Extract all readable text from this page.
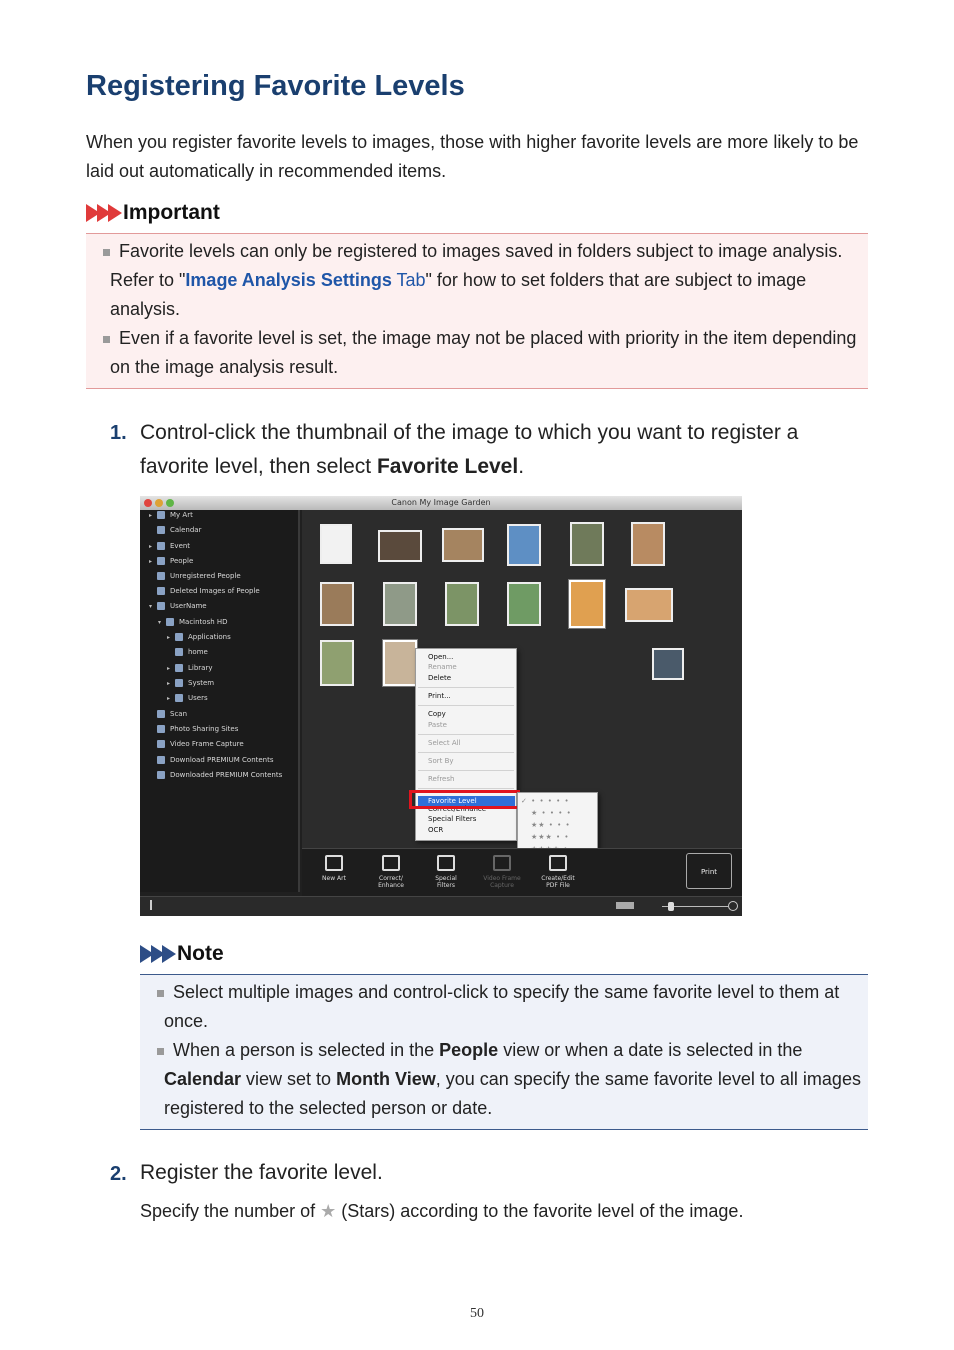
Registering Favorite Levels
When you register favorite levels to images, those with higher favorite levels are more likely to be laid out automatically in recommended items.
Important
Favorite levels can only be registered to images saved in folders subject to image analysis. Refer to "Image Analysis Settings Tab" for how to set folders that are subject to image analysis.
Even if a favorite level is set, the image may not be placed with priority in the item depending on the image analysis result.
1. Control-click the thumbnail of the image to which you want to register a favorite level, then select Favorite Level.
Canon My Image Garden
▸	My Art
Calendar
▸	Event
▸	People
Unregistered People
Deleted Images of People
▾	UserName
▾	Macintosh HD
▸	Applications
home
▸	Library
▸	System
▸	Users
Scan
Photo Sharing Sites
Video Frame Capture
Download PREMIUM Contents
Downloaded PREMIUM Contents
Open...
Rename
Delete
Print...
Copy
Paste
Select All
Sort By
Refresh
Favorite Level
Correct/Enhance
Special Filters
OCR
✓ • • • • •
★ • • • •
★★ • • •
★★★ • •
New Art	Correct/
Enhance
Special
Filters
Video Frame
Capture
Create/Edit
PDF File
Print
Note
Select multiple images and control-click to specify the same favorite level to them at once.
When a person is selected in the People view or when a date is selected in the Calendar view set to Month View, you can specify the same favorite level to all images registered to the selected person or date.
2. Register the favorite level.
Specify the number of ★ (Stars) according to the favorite level of the image.
50
